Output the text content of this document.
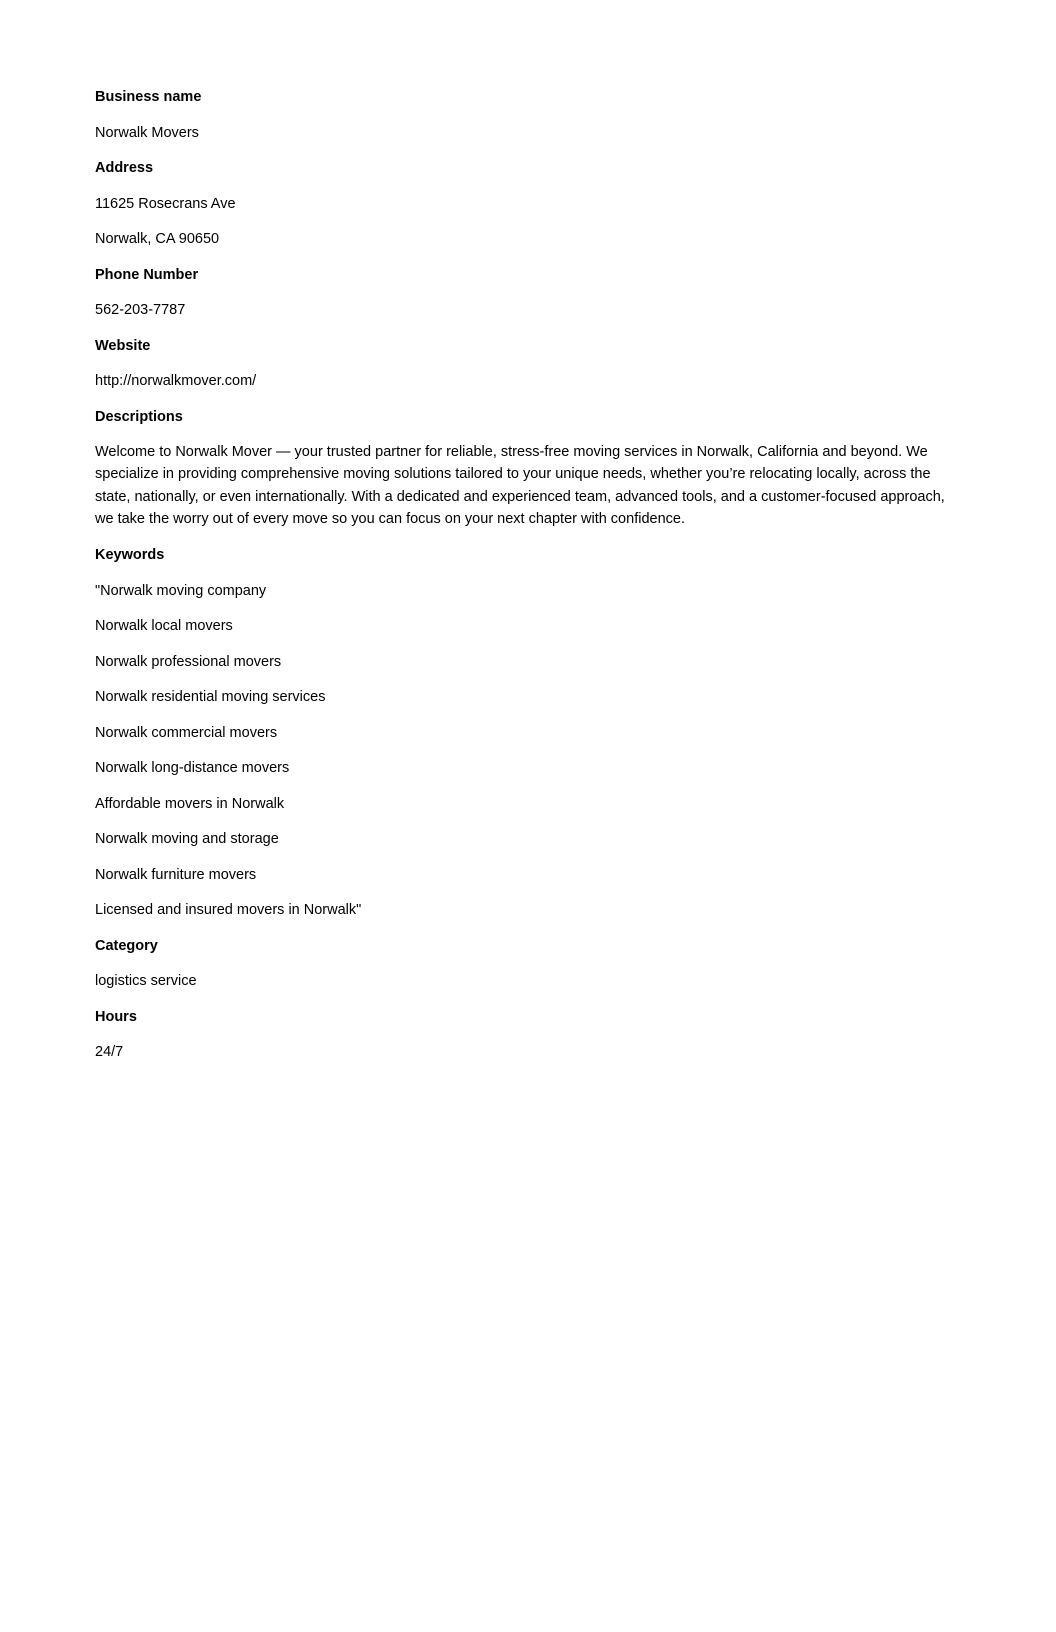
Business name
Norwalk Movers
Address
11625 Rosecrans Ave
Norwalk, CA 90650
Phone Number
562-203-7787
Website
http://norwalkmover.com/
Descriptions
Welcome to Norwalk Mover — your trusted partner for reliable, stress-free moving services in Norwalk, California and beyond. We specialize in providing comprehensive moving solutions tailored to your unique needs, whether you’re relocating locally, across the state, nationally, or even internationally. With a dedicated and experienced team, advanced tools, and a customer-focused approach, we take the worry out of every move so you can focus on your next chapter with confidence.
Keywords
"Norwalk moving company
Norwalk local movers
Norwalk professional movers
Norwalk residential moving services
Norwalk commercial movers
Norwalk long-distance movers
Affordable movers in Norwalk
Norwalk moving and storage
Norwalk furniture movers
Licensed and insured movers in Norwalk"
Category
logistics service
Hours
24/7
